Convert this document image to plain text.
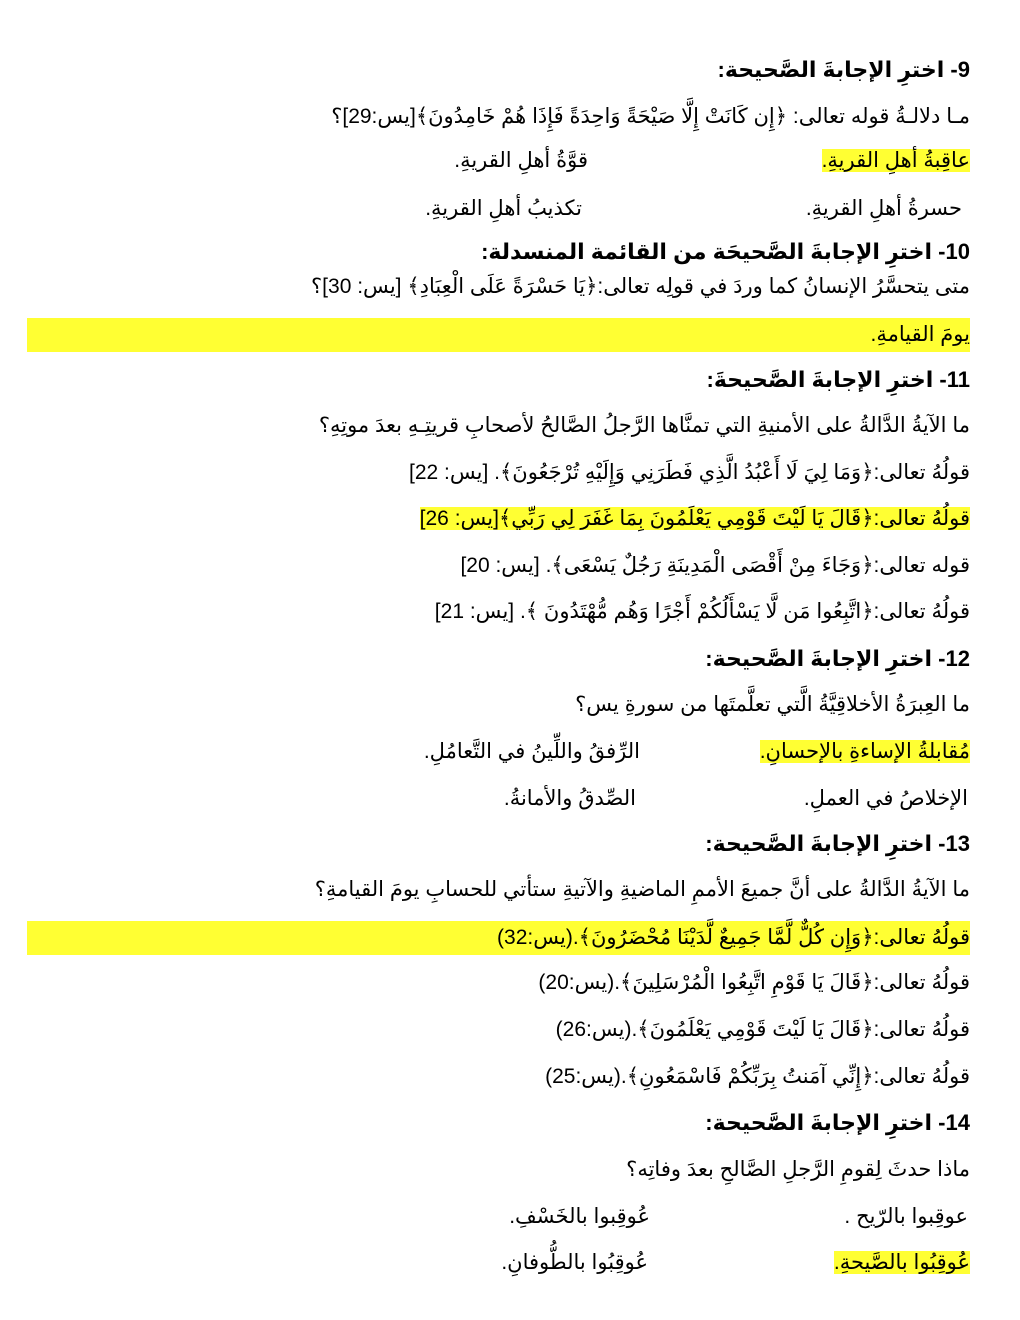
9- اخترِ الإجابةَ الصَّحيحة:
مـا دلالـةُ قوله تعالى: ﴿إِن كَانَتْ إِلَّا صَيْحَةً وَاحِدَةً فَإِذَا هُمْ خَامِدُونَ﴾[يس:29]؟
عاقِبةُ أهلِ القريةِ.
قوَّةُ أهلِ القريةِ.
حسرةُ أهلِ القريةِ.
تكذيبُ أهلِ القريةِ.
10- اخترِ الإجابةَ الصَّحيحَة من القائمة المنسدلة:
متى يتحسَّرُ الإنسانُ كما وردَ في قولِه تعالى:﴿يَا حَسْرَةً عَلَى الْعِبَادِ﴾ [يس: 30]؟
يومَ القيامةِ.
11- اخترِ الإجابةَ الصَّحيحةَ:
ما الآيةُ الدَّالةُ على الأمنيةِ التي تمنَّاها الرَّجلُ الصَّالحُ لأصحابِ قريتِـهِ بعدَ موتِهِ؟
قولُهُ تعالى:﴿وَمَا لِيَ لَا أَعْبُدُ الَّذِي فَطَرَنِي وَإِلَيْهِ تُرْجَعُونَ﴾. [يس: 22]
قولُهُ تعالى:﴿قَالَ يَا لَيْتَ قَوْمِي يَعْلَمُونَ بِمَا غَفَرَ لِي رَبِّي﴾[يس: 26]
قوله تعالى:﴿وَجَاءَ مِنْ أَقْصَى الْمَدِينَةِ رَجُلٌ يَسْعَى﴾. [يس: 20]
قولُهُ تعالى:﴿اتَّبِعُوا مَن لَّا يَسْأَلُكُمْ أَجْرًا وَهُم مُّهْتَدُونَ ﴾. [يس: 21]
12- اخترِ الإجابةَ الصَّحيحة:
ما العِبرَةُ الأخلاقِيَّةُ الَّتي تعلَّمتَها من سورةِ يس؟
مُقابلةُ الإساءةِ بالإحسانِ.
الرِّفقُ واللِّينُ في التَّعامُلِ.
الإخلاصُ في العملِ.
الصِّدقُ والأمانةُ.
13- اخترِ الإجابةَ الصَّحيحة:
ما الآيةُ الدَّالةُ على أنَّ جميعَ الأممِ الماضيةِ والآتيةِ ستأتي للحسابِ يومَ القيامةِ؟
قولُهُ تعالى:﴿وَإِن كُلٌّ لَّمَّا جَمِيعٌ لَّدَيْنَا مُحْضَرُونَ﴾.(يس:32)
قولُهُ تعالى:﴿قَالَ يَا قَوْمِ اتَّبِعُوا الْمُرْسَلِينَ﴾.(يس:20)
قولُهُ تعالى:﴿قَالَ يَا لَيْتَ قَوْمِي يَعْلَمُونَ﴾.(يس:26)
قولُهُ تعالى:﴿إِنِّي آمَنتُ بِرَبِّكُمْ فَاسْمَعُونِ﴾.(يس:25)
14- اخترِ الإجابةَ الصَّحيحة:
ماذا حدثَ لِقومِ الرَّجلِ الصَّالحِ بعدَ وفاتِه؟
عوقِبوا بالرّيح .
عُوقِبوا بالخَسْفِ.
عُوقِبُوا بالصَّيحةِ.
عُوقِبُوا بالطُّوفانِ.
